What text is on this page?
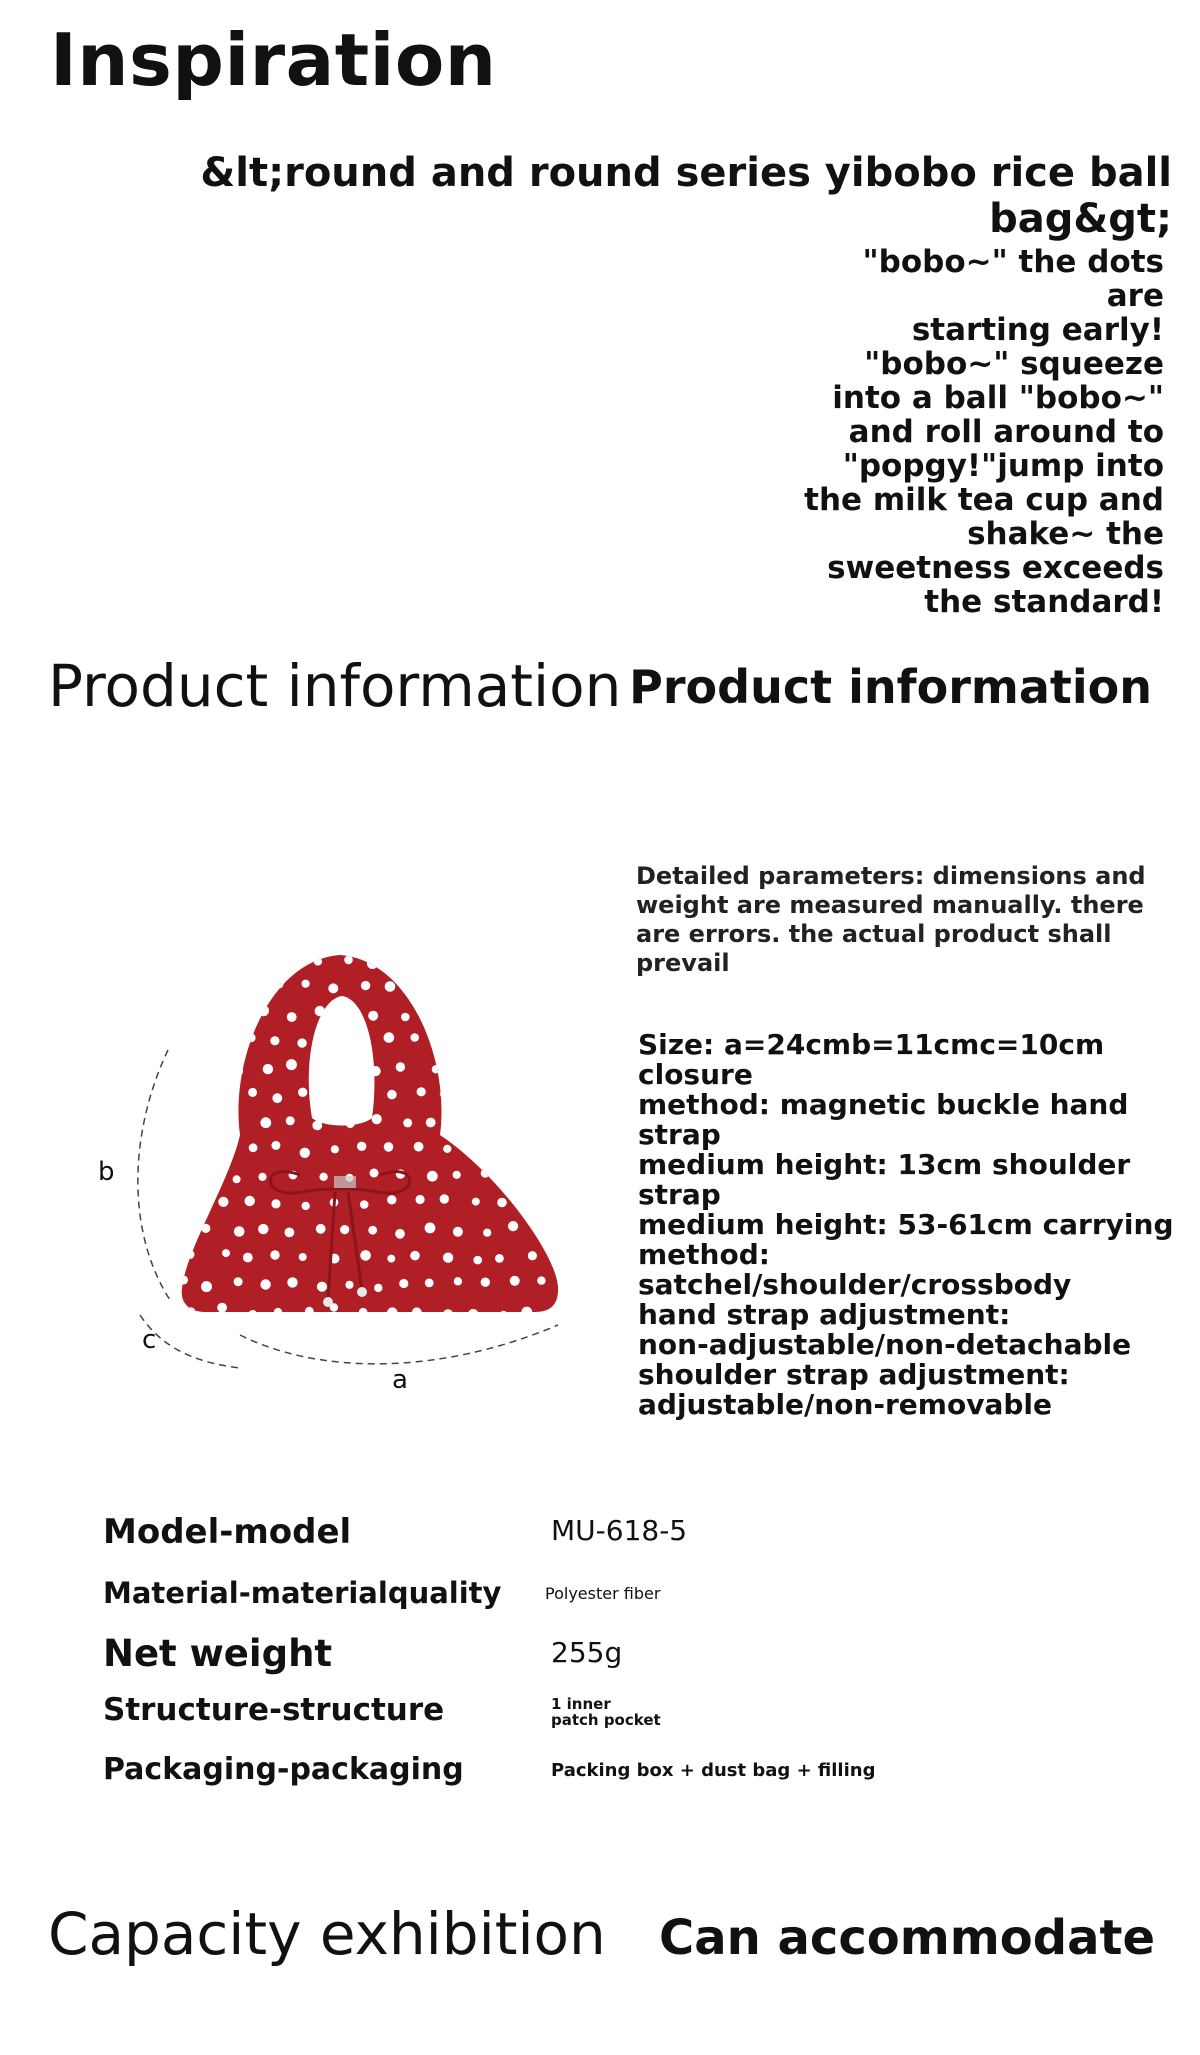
Inspiration
&lt;round and round series yibobo rice ball bag&gt;
"bobo~" the dots are
starting early!
"bobo~" squeeze
into a ball "bobo~"
and roll around to
"popgy!"jump into
the milk tea cup and
shake~ the
sweetness exceeds
the standard!
Product information Product information
Detailed parameters: dimensions and weight are measured manually. there are errors. the actual product shall prevail
Size: a=24cmb=11cmc=10cm closure
method: magnetic buckle hand strap
medium height: 13cm shoulder strap
medium height: 53-61cm carrying
method: satchel/shoulder/crossbody
hand strap adjustment:
non-adjustable/non-detachable
shoulder strap adjustment:
adjustable/non-removable
b
c
a
Model-model	MU-618-5
Material-materialquality	Polyester fiber
Net weight	255g
Structure-structure	1 inner patch pocket
Packaging-packaging	Packing box + dust bag + filling
Capacity exhibition Can accommodate
